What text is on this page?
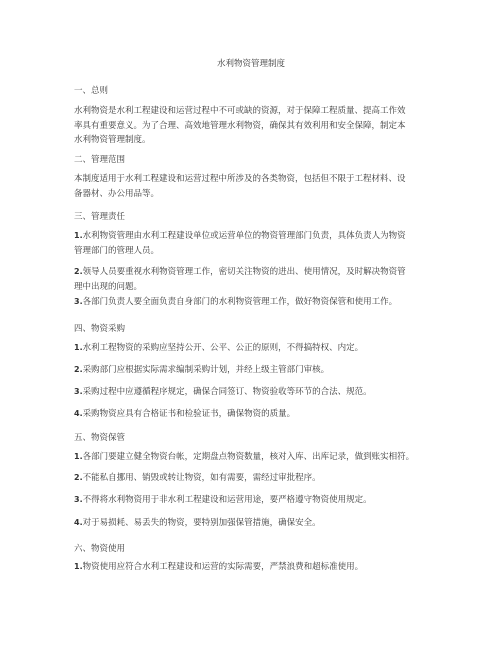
水利物资管理制度
一、总则
水利物资是水利工程建设和运营过程中不可或缺的资源，对于保障工程质量、提高工作效
率具有重要意义。为了合理、高效地管理水利物资，确保其有效利用和安全保障，制定本
水利物资管理制度。
二、管理范围
本制度适用于水利工程建设和运营过程中所涉及的各类物资，包括但不限于工程材料、设
备器材、办公用品等。
三、管理责任
1.水利物资管理由水利工程建设单位或运营单位的物资管理部门负责，具体负责人为物资
管理部门的管理人员。
2.领导人员要重视水利物资管理工作，密切关注物资的进出、使用情况，及时解决物资管
理中出现的问题。
3.各部门负责人要全面负责自身部门的水利物资管理工作，做好物资保管和使用工作。
四、物资采购
1.水利工程物资的采购应坚持公开、公平、公正的原则，不得搞特权、内定。
2.采购部门应根据实际需求编制采购计划，并经上级主管部门审核。
3.采购过程中应遵循程序规定，确保合同签订、物资验收等环节的合法、规范。
4.采购物资应具有合格证书和检验证书，确保物资的质量。
五、物资保管
1.各部门要建立健全物资台帐，定期盘点物资数量，核对入库、出库记录，做到账实相符。
2.不能私自挪用、销毁或转让物资，如有需要，需经过审批程序。
3.不得将水利物资用于非水利工程建设和运营用途，要严格遵守物资使用规定。
4.对于易损耗、易丢失的物资，要特别加强保管措施，确保安全。
六、物资使用
1.物资使用应符合水利工程建设和运营的实际需要，严禁浪费和超标准使用。
